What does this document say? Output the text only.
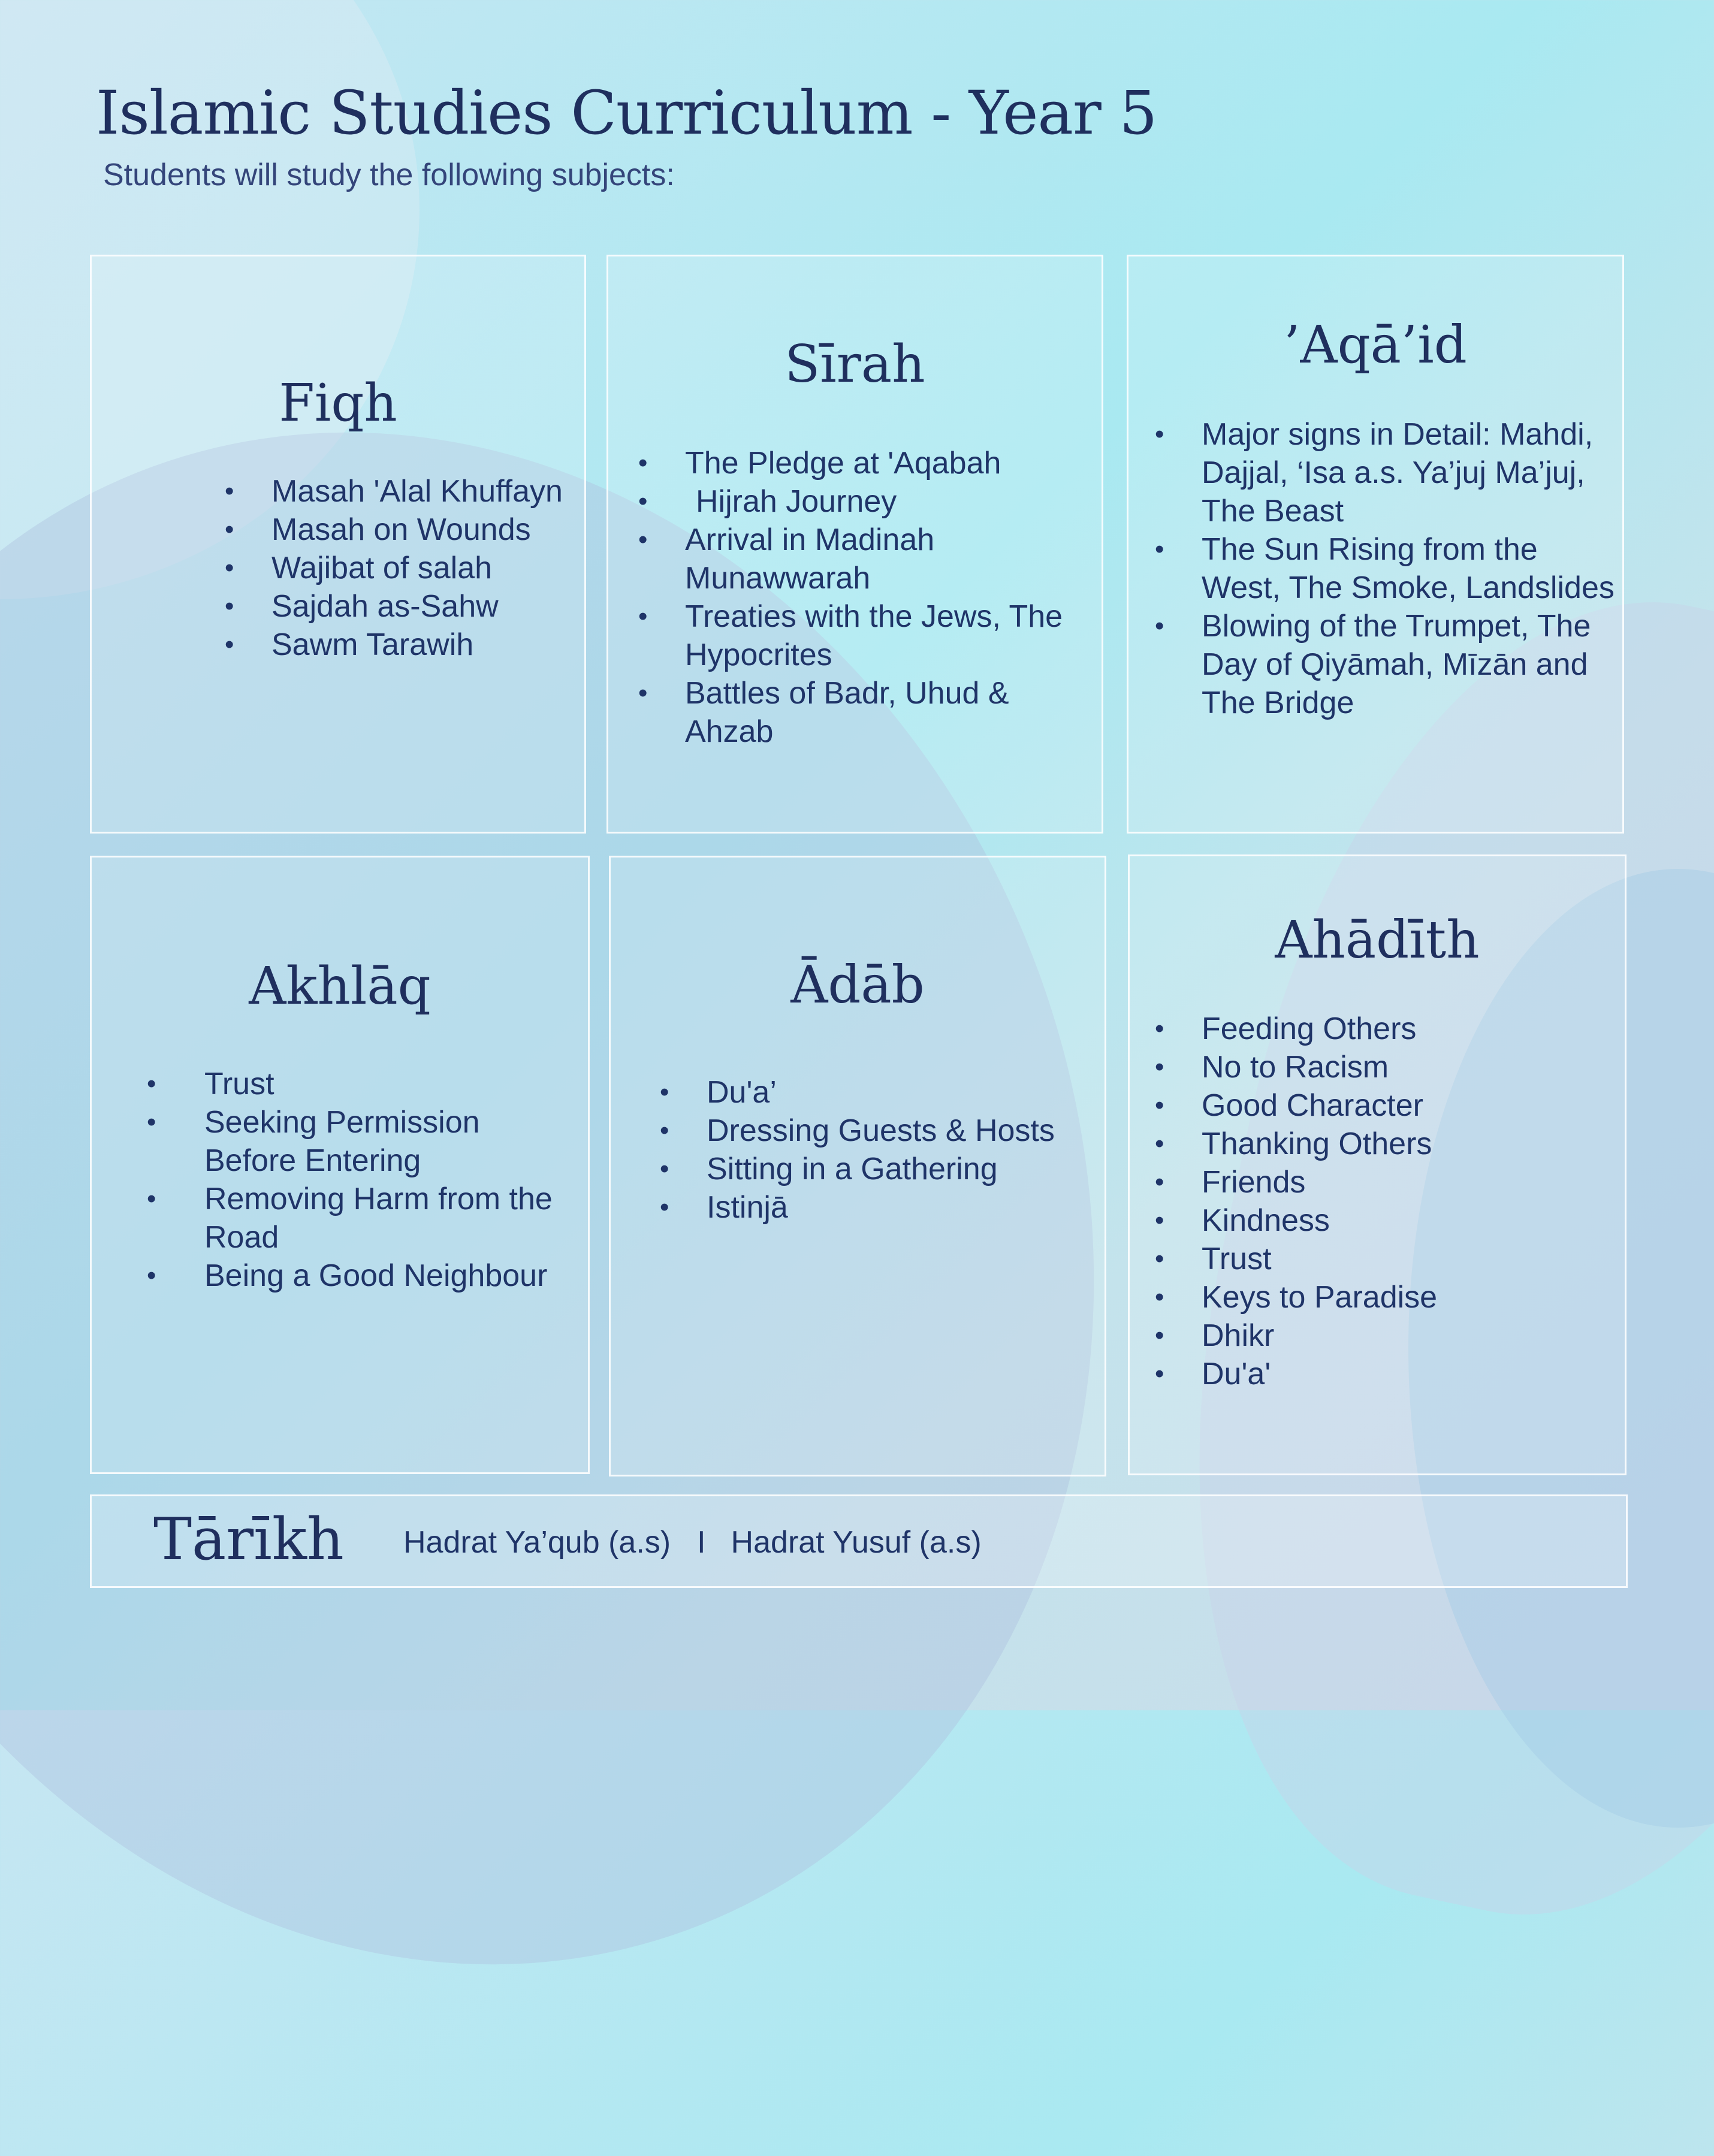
Islamic Studies Curriculum - Year 5

Students will study the following subjects:

Fiqh
• Masah 'Alal Khuffayn
• Masah on Wounds
• Wajibat of salah
• Sajdah as-Sahw
• Sawm Tarawih
Sīrah
• The Pledge at 'Aqabah
• Hijrah Journey
• Arrival in Madinah Munawwarah
• Treaties with the Jews, The Hypocrites
• Battles of Badr, Uhud & Ahzab
’Aqā’id
• Major signs in Detail: Mahdi, Dajjal, ‘Isa a.s. Ya’juj Ma’juj, The Beast
• The Sun Rising from the West, The Smoke, Landslides
• Blowing of the Trumpet, The Day of Qiyāmah, Mīzān and The Bridge
Akhlāq
• Trust
• Seeking Permission Before Entering
• Removing Harm from the Road
• Being a Good Neighbour
Ādāb
• Du'a’
• Dressing Guests & Hosts
• Sitting in a Gathering
• Istinjā
Ahādīth
• Feeding Others
• No to Racism
• Good Character
• Thanking Others
• Friends
• Kindness
• Trust
• Keys to Paradise
• Dhikr
• Du'a'
Tārīkh Hadrat Ya’qub (a.s) I Hadrat Yusuf (a.s)
